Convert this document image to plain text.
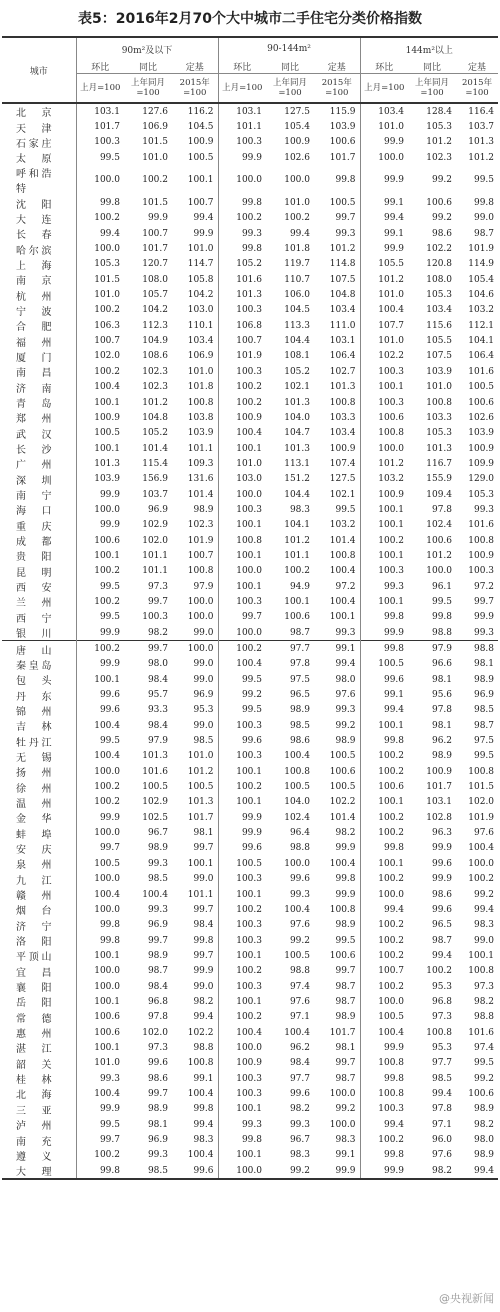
表5：2016年2月70个大中城市二手住宅分类价格指数
城市	90m²及以下			90-144m²			144m²以上		
	环比	同比	定基	环比	同比	定基	环比	同比	定基
	上月=100	上年同月=100	2015年=100	上月=100	上年同月=100	2015年=100	上月=100	上年同月=100	2015年=100
北京	103.1	127.6	116.2	103.1	127.5	115.9	103.4	128.4	116.4
天津	101.7	106.9	104.5	101.1	105.4	103.9	101.0	105.3	103.7
石家庄	100.3	101.5	100.9	100.3	100.9	100.6	99.9	101.2	101.3
太原	99.5	101.0	100.5	99.9	102.6	101.7	100.0	102.3	101.2
呼和浩特	100.0	100.2	100.1	100.0	100.0	99.8	99.9	99.2	99.5
沈阳	99.8	101.5	100.7	99.8	101.0	100.5	99.1	100.6	99.8
大连	100.2	99.9	99.4	100.2	100.2	99.7	99.4	99.2	99.0
长春	99.4	100.7	99.9	99.3	99.4	99.3	99.1	98.6	98.7
哈尔滨	100.0	101.7	101.0	99.8	101.8	101.2	99.9	102.2	101.9
上海	105.3	120.7	114.7	105.2	119.7	114.8	105.5	120.8	114.9
南京	101.5	108.0	105.8	101.6	110.7	107.5	101.2	108.0	105.4
杭州	101.0	105.7	104.2	101.3	106.0	104.8	101.0	105.3	104.6
宁波	100.2	104.2	103.0	100.3	104.5	103.4	100.4	103.4	103.2
合肥	106.3	112.3	110.1	106.8	113.3	111.0	107.7	115.6	112.1
福州	100.7	104.9	103.4	100.7	104.4	103.1	101.0	105.5	104.1
厦门	102.0	108.6	106.9	101.9	108.1	106.4	102.2	107.5	106.4
南昌	100.2	102.3	101.0	100.3	105.2	102.7	100.3	103.9	101.6
济南	100.4	102.3	101.8	100.2	102.1	101.3	100.1	101.0	100.5
青岛	100.1	101.2	100.8	100.2	101.3	100.8	100.3	100.8	100.6
郑州	100.9	104.8	103.8	100.9	104.0	103.3	100.6	103.3	102.6
武汉	100.5	105.2	103.9	100.4	104.7	103.4	100.8	105.3	103.9
长沙	100.1	101.4	101.1	100.1	101.3	100.9	100.0	101.3	100.9
广州	101.3	115.4	109.3	101.0	113.1	107.4	101.2	116.7	109.9
深圳	103.9	156.9	131.6	103.0	151.2	127.5	103.2	155.9	129.0
南宁	99.9	103.7	101.4	100.0	104.4	102.1	100.9	109.4	105.3
海口	100.0	96.9	98.9	100.3	98.3	99.5	100.1	97.8	99.3
重庆	99.9	102.9	102.3	100.1	104.1	103.2	100.1	102.4	101.6
成都	100.6	102.0	101.9	100.8	101.2	101.4	100.2	100.6	100.8
贵阳	100.1	101.1	100.7	100.1	101.1	100.8	100.1	101.2	100.9
昆明	100.2	101.1	100.8	100.0	100.2	100.4	100.3	100.0	100.3
西安	99.5	97.3	97.9	100.1	94.9	97.2	99.3	96.1	97.2
兰州	100.2	99.7	100.0	100.3	100.1	100.4	100.1	99.5	99.7
西宁	99.5	100.3	100.0	99.7	100.6	100.1	99.8	99.8	99.9
银川	99.9	98.2	99.0	100.0	98.7	99.3	99.9	98.8	99.3
唐山	100.2	99.7	100.0	100.2	97.7	99.1	99.8	97.9	98.8
秦皇岛	99.9	98.0	99.0	100.4	97.8	99.4	100.5	96.6	98.1
包头	100.1	98.4	99.0	99.5	97.5	98.0	99.6	98.1	98.9
丹东	99.6	95.7	96.9	99.2	96.5	97.6	99.1	95.6	96.9
锦州	99.6	93.3	95.3	99.5	98.9	99.3	99.4	97.8	98.5
吉林	100.4	98.4	99.0	100.3	98.5	99.2	100.1	98.1	98.7
牡丹江	99.5	97.9	98.5	99.6	98.6	98.9	99.8	96.2	97.5
无锡	100.4	101.3	101.0	100.3	100.4	100.5	100.2	98.9	99.5
扬州	100.0	101.6	101.2	100.1	100.8	100.6	100.2	100.9	100.8
徐州	100.2	100.5	100.5	100.2	100.5	100.5	100.6	101.7	101.5
温州	100.2	102.9	101.3	100.1	104.0	102.2	100.1	103.1	102.0
金华	99.9	102.5	101.7	99.9	102.4	101.4	100.2	102.8	101.9
蚌埠	100.0	96.7	98.1	99.9	96.4	98.2	100.2	96.3	97.6
安庆	99.7	98.9	99.7	99.6	98.8	99.9	99.8	99.9	100.4
泉州	100.5	99.3	100.1	100.5	100.0	100.4	100.1	99.6	100.0
九江	100.0	98.5	99.0	100.3	99.6	99.8	100.2	99.9	100.2
赣州	100.4	100.4	101.1	100.1	99.3	99.9	100.0	98.6	99.2
烟台	100.0	99.3	99.7	100.2	100.4	100.8	99.4	99.6	99.4
济宁	99.8	96.9	98.4	100.3	97.6	98.9	100.2	96.5	98.3
洛阳	99.8	99.7	99.8	100.3	99.2	99.5	100.2	98.7	99.0
平顶山	100.1	98.9	99.7	100.1	100.5	100.6	100.2	99.4	100.1
宜昌	100.0	98.7	99.9	100.2	98.8	99.7	100.7	100.2	100.8
襄阳	100.0	98.4	99.0	100.3	97.4	98.7	100.2	95.3	97.3
岳阳	100.1	96.8	98.2	100.1	97.6	98.7	100.0	96.8	98.2
常德	100.6	97.8	99.4	100.2	97.1	98.9	100.5	97.3	98.8
惠州	100.6	102.0	102.2	100.4	100.4	101.7	100.4	100.8	101.6
湛江	100.1	97.3	98.8	100.0	96.2	98.1	99.9	95.3	97.4
韶关	101.0	99.6	100.8	100.9	98.4	99.7	100.8	97.7	99.5
桂林	99.3	98.6	99.1	100.3	97.7	98.7	99.8	98.5	99.2
北海	100.4	99.7	100.4	100.3	99.6	100.0	100.8	99.4	100.6
三亚	99.9	98.9	99.8	100.1	98.2	99.2	100.3	97.8	98.9
泸州	99.5	98.1	99.4	99.3	99.3	100.0	99.4	97.1	98.2
南充	99.7	96.9	98.3	99.8	96.7	98.3	100.2	96.0	98.0
遵义	100.2	99.3	100.4	100.1	98.3	99.1	99.8	97.6	98.9
大理	99.8	98.5	99.6	100.0	99.2	99.9	99.9	98.2	99.4
@央视新闻
